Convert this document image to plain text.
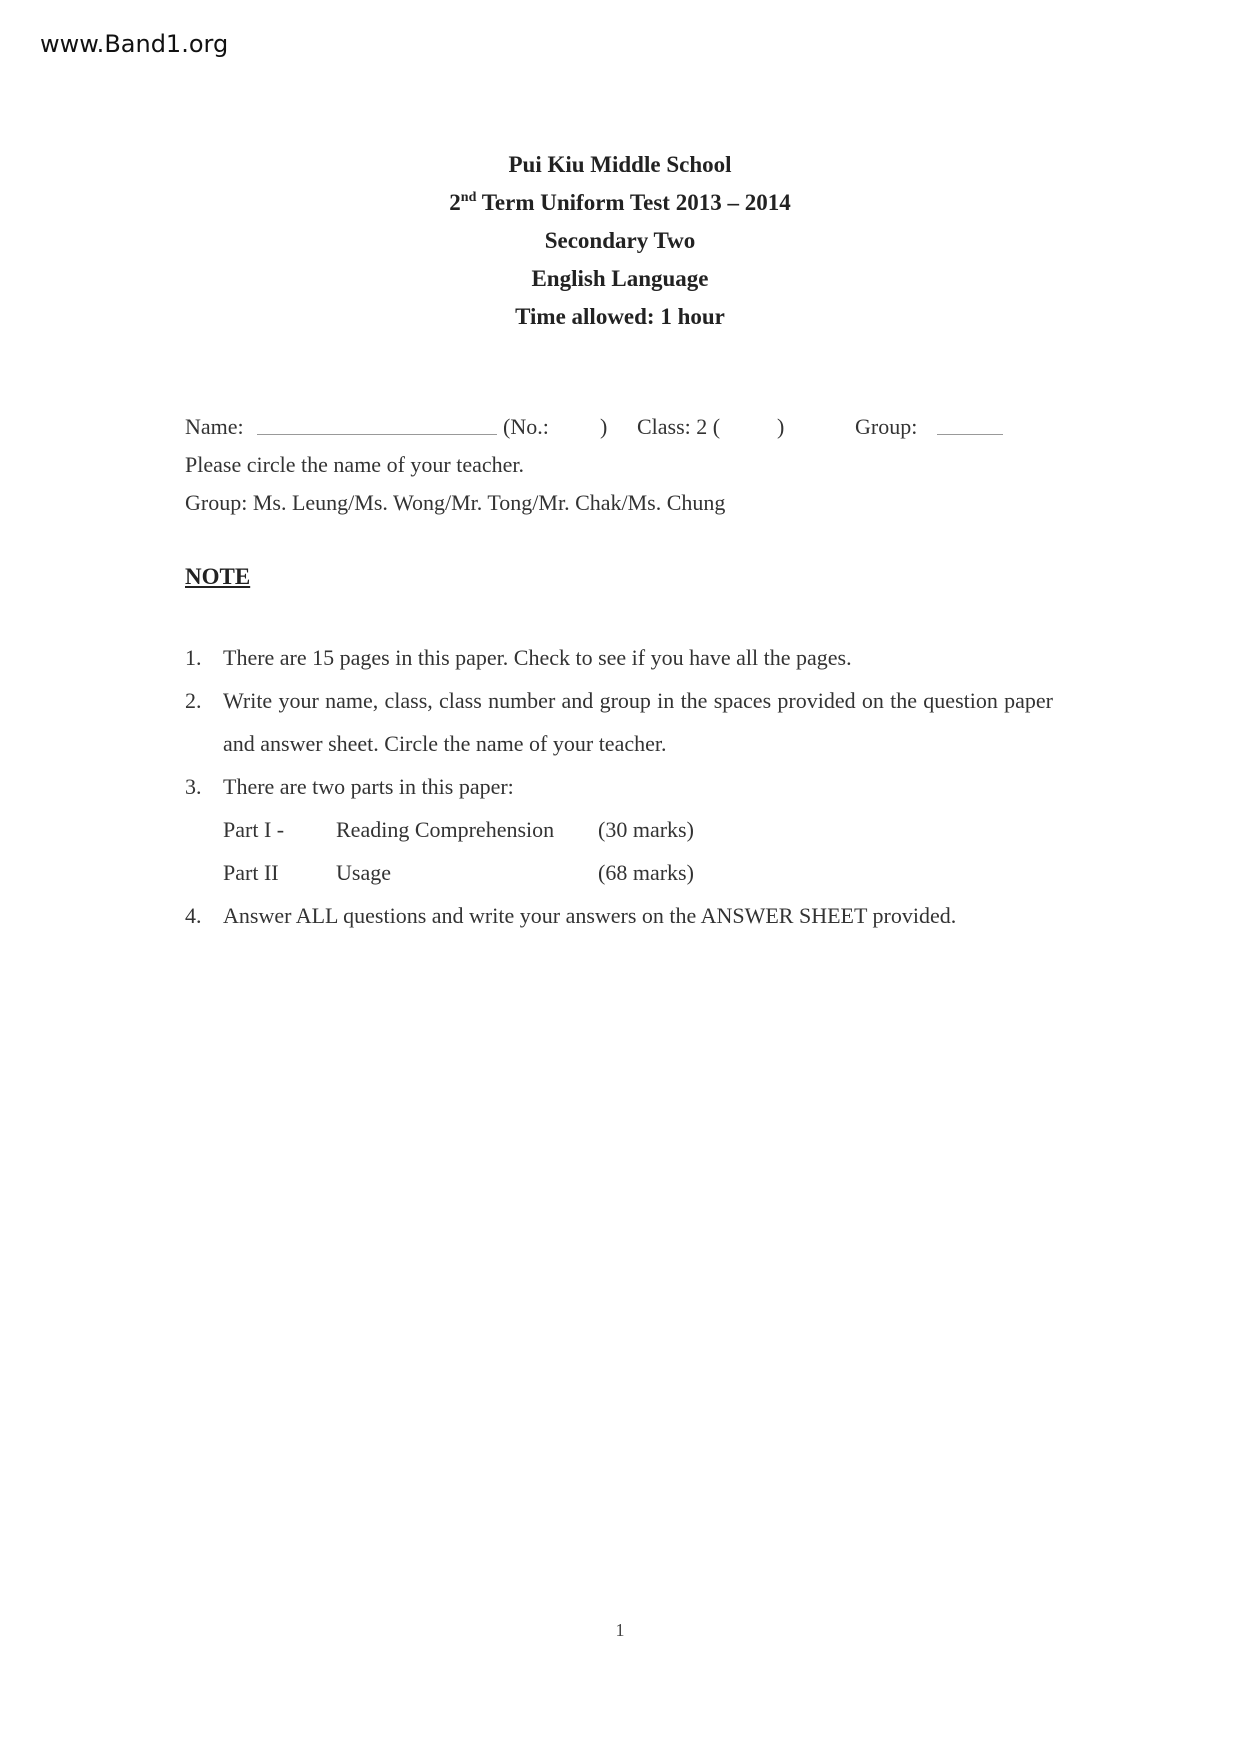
www.Band1.org
Pui Kiu Middle School
2nd Term Uniform Test 2013 – 2014
Secondary Two
English Language
Time allowed: 1 hour
Name:	(No.: ) Class: 2 (	)	Group:
Please circle the name of your teacher.
Group: Ms. Leung/Ms. Wong/Mr. Tong/Mr. Chak/Ms. Chung
NOTE
1. There are 15 pages in this paper. Check to see if you have all the pages.
2. Write your name, class, class number and group in the spaces provided on the question paper and answer sheet. Circle the name of your teacher.
3. There are two parts in this paper:
Part I - Reading Comprehension (30 marks)
Part II	Usage	(68 marks)
4. Answer ALL questions and write your answers on the ANSWER SHEET provided.
1
